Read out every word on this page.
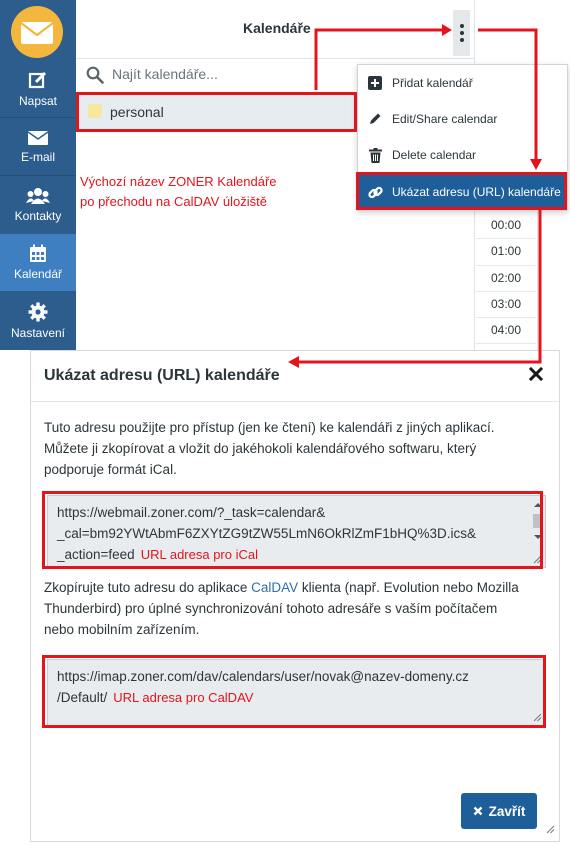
Napsat
E-mail
Kontakty
Kalendář
Nastavení
Kalendáře
Najít kalendáře...
personal
Výchozí název ZONER Kalendáře
po přechodu na CalDAV úložiště
00:00
01:00
02:00
03:00
04:00
Přidat kalendář
Edit/Share calendar
Delete calendar
Ukázat adresu (URL) kalendáře
Ukázat adresu (URL) kalendáře
Tuto adresu použijte pro přístup (jen ke čtení) ke kalendáři z jiných aplikací.
Můžete ji zkopírovat a vložit do jakéhokoli kalendářového softwaru, který
podporuje formát iCal.
https://webmail.zoner.com/?_task=calendar&
_cal=bm92YWtAbmF6ZXYtZG9tZW55LmN6OkRlZmF1bHQ%3D.ics&
_action=feed URL adresa pro iCal
Zkopírujte tuto adresu do aplikace CalDAV klienta (např. Evolution nebo Mozilla
Thunderbird) pro úplné synchronizování tohoto adresáře s vaším počítačem
nebo mobilním zařízením.
https://imap.zoner.com/dav/calendars/user/novak@nazev-domeny.cz
/Default/ URL adresa pro CalDAV
Zavřít
